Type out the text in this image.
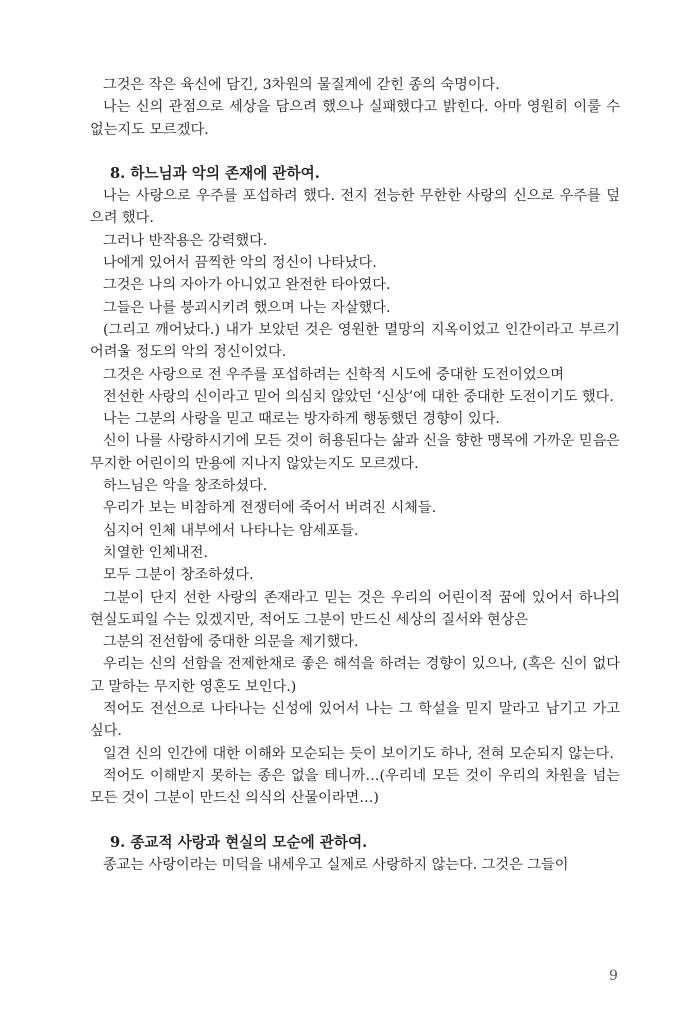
그것은 작은 육신에 담긴, 3차원의 물질계에 갇힌 종의 숙명이다.

나는 신의 관점으로 세상을 담으려 했으나 실패했다고 밝힌다. 아마 영원히 이룰 수 없는지도 모르겠다.

8. 하느님과 악의 존재에 관하여.

나는 사랑으로 우주를 포섭하려 했다. 전지 전능한 무한한 사랑의 신으로 우주를 덮으려 했다.

그러나 반작용은 강력했다.

나에게 있어서 끔찍한 악의 정신이 나타났다.

그것은 나의 자아가 아니었고 완전한 타아였다.

그들은 나를 붕괴시키려 했으며 나는 자살했다.

(그리고 깨어났다.) 내가 보았던 것은 영원한 멸망의 지옥이었고 인간이라고 부르기 어려울 정도의 악의 정신이었다.

그것은 사랑으로 전 우주를 포섭하려는 신학적 시도에 중대한 도전이었으며

전선한 사랑의 신이라고 믿어 의심치 않았던 ‘신상’에 대한 중대한 도전이기도 했다.

나는 그분의 사랑을 믿고 때로는 방자하게 행동했던 경향이 있다.

신이 나를 사랑하시기에 모든 것이 허용된다는 삶과 신을 향한 맹목에 가까운 믿음은 무지한 어린이의 만용에 지나지 않았는지도 모르겠다.

하느님은 악을 창조하셨다.

우리가 보는 비참하게 전쟁터에 죽어서 버려진 시체들.

심지어 인체 내부에서 나타나는 암세포들.

치열한 인체내전.

모두 그분이 창조하셨다.

그분이 단지 선한 사랑의 존재라고 믿는 것은 우리의 어린이적 꿈에 있어서 하나의 현실도피일 수는 있겠지만, 적어도 그분이 만드신 세상의 질서와 현상은

그분의 전선함에 중대한 의문을 제기했다.

우리는 신의 선함을 전제한채로 좋은 해석을 하려는 경향이 있으나, (혹은 신이 없다고 말하는 무지한 영혼도 보인다.)

적어도 전선으로 나타나는 신성에 있어서 나는 그 학설을 믿지 말라고 남기고 가고 싶다.

일견 신의 인간에 대한 이해와 모순되는 듯이 보이기도 하나, 전혀 모순되지 않는다.

적어도 이해받지 못하는 종은 없을 테니까…(우리네 모든 것이 우리의 차원을 넘는 모든 것이 그분이 만드신 의식의 산물이라면…)

9. 종교적 사랑과 현실의 모순에 관하여.

종교는 사랑이라는 미덕을 내세우고 실제로 사랑하지 않는다. 그것은 그들이

9
